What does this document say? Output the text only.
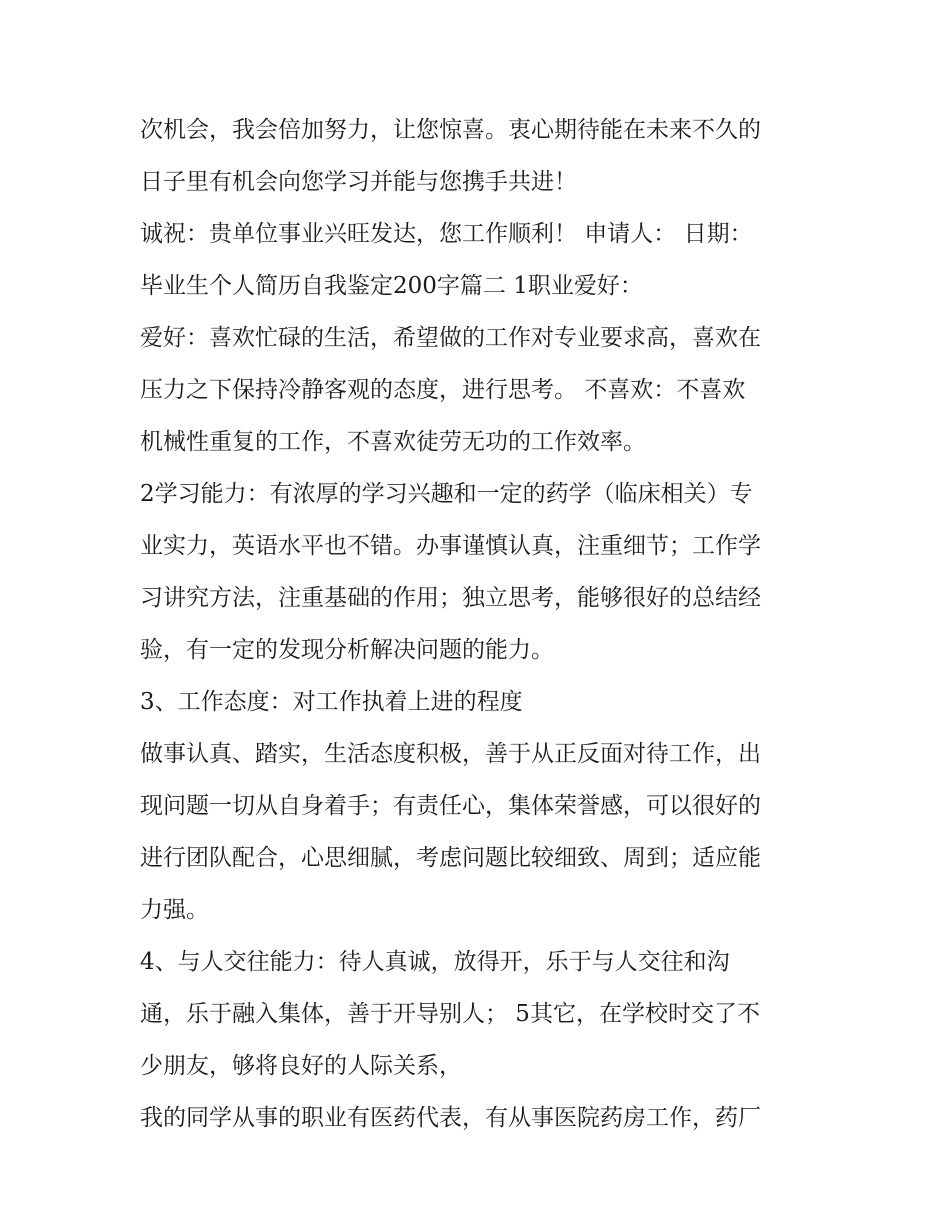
次机会，我会倍加努力，让您惊喜。衷心期待能在未来不久的
日子里有机会向您学习并能与您携手共进！
诚祝：贵单位事业兴旺发达，您工作顺利！ 申请人： 日期：
毕业生个人简历自我鉴定200字篇二 1职业爱好：
爱好：喜欢忙碌的生活，希望做的工作对专业要求高，喜欢在
压力之下保持冷静客观的态度，进行思考。 不喜欢：不喜欢
机械性重复的工作，不喜欢徒劳无功的工作效率。
2学习能力：有浓厚的学习兴趣和一定的药学（临床相关）专
业实力，英语水平也不错。办事谨慎认真，注重细节；工作学
习讲究方法，注重基础的作用；独立思考，能够很好的总结经
验，有一定的发现分析解决问题的能力。
3、工作态度：对工作执着上进的程度
做事认真、踏实，生活态度积极，善于从正反面对待工作，出
现问题一切从自身着手；有责任心，集体荣誉感，可以很好的
进行团队配合，心思细腻，考虑问题比较细致、周到；适应能
力强。
4、与人交往能力：待人真诚，放得开，乐于与人交往和沟
通，乐于融入集体，善于开导别人； 5其它，在学校时交了不
少朋友，够将良好的人际关系，
我的同学从事的职业有医药代表，有从事医院药房工作，药厂
